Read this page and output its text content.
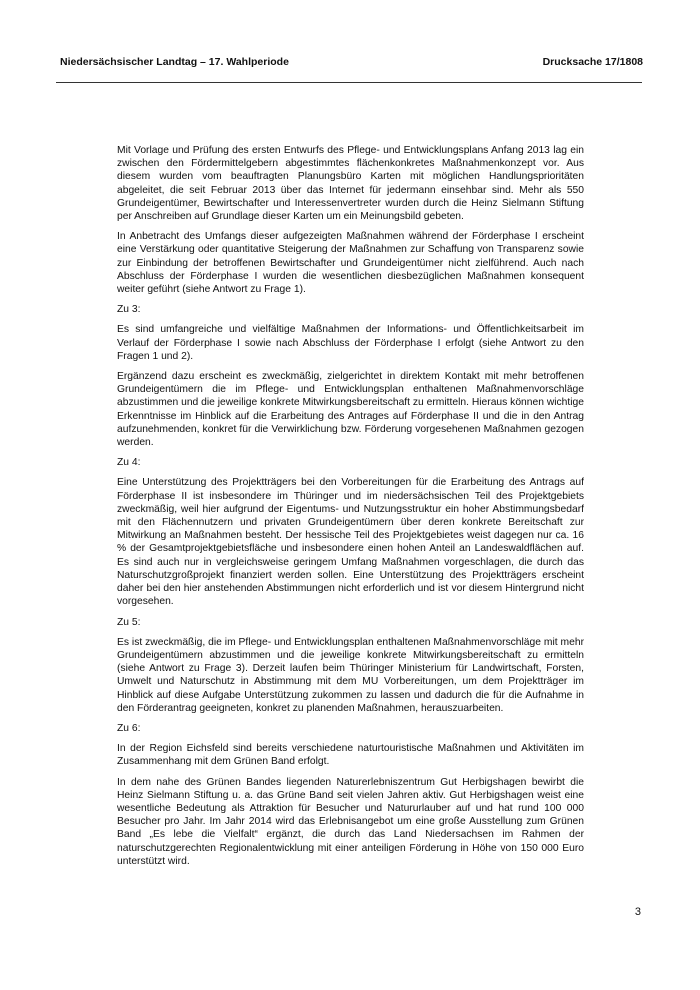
Niedersächsischer Landtag – 17. Wahlperiode	Drucksache 17/1808

Mit Vorlage und Prüfung des ersten Entwurfs des Pflege- und Entwicklungsplans Anfang 2013 lag ein zwischen den Fördermittelgebern abgestimmtes flächenkonkretes Maßnahmenkonzept vor. Aus diesem wurden vom beauftragten Planungsbüro Karten mit möglichen Handlungsprioritäten abgeleitet, die seit Februar 2013 über das Internet für jedermann einsehbar sind. Mehr als 550 Grundeigentümer, Bewirtschafter und Interessenvertreter wurden durch die Heinz Sielmann Stiftung per Anschreiben auf Grundlage dieser Karten um ein Meinungsbild gebeten.

In Anbetracht des Umfangs dieser aufgezeigten Maßnahmen während der Förderphase I erscheint eine Verstärkung oder quantitative Steigerung der Maßnahmen zur Schaffung von Transparenz sowie zur Einbindung der betroffenen Bewirtschafter und Grundeigentümer nicht zielführend. Auch nach Abschluss der Förderphase I wurden die wesentlichen diesbezüglichen Maßnahmen konsequent weiter geführt (siehe Antwort zu Frage 1).

Zu 3:

Es sind umfangreiche und vielfältige Maßnahmen der Informations- und Öffentlichkeitsarbeit im Verlauf der Förderphase I sowie nach Abschluss der Förderphase I erfolgt (siehe Antwort zu den Fragen 1 und 2).

Ergänzend dazu erscheint es zweckmäßig, zielgerichtet in direktem Kontakt mit mehr betroffenen Grundeigentümern die im Pflege- und Entwicklungsplan enthaltenen Maßnahmenvorschläge abzustimmen und die jeweilige konkrete Mitwirkungsbereitschaft zu ermitteln. Hieraus können wichtige Erkenntnisse im Hinblick auf die Erarbeitung des Antrages auf Förderphase II und die in den Antrag aufzunehmenden, konkret für die Verwirklichung bzw. Förderung vorgesehenen Maßnahmen gezogen werden.

Zu 4:

Eine Unterstützung des Projektträgers bei den Vorbereitungen für die Erarbeitung des Antrags auf Förderphase II ist insbesondere im Thüringer und im niedersächsischen Teil des Projektgebiets zweckmäßig, weil hier aufgrund der Eigentums- und Nutzungsstruktur ein hoher Abstimmungsbedarf mit den Flächennutzern und privaten Grundeigentümern über deren konkrete Bereitschaft zur Mitwirkung an Maßnahmen besteht. Der hessische Teil des Projektgebietes weist dagegen nur ca. 16 % der Gesamtprojektgebietsfläche und insbesondere einen hohen Anteil an Landeswaldflächen auf. Es sind auch nur in vergleichsweise geringem Umfang Maßnahmen vorgeschlagen, die durch das Naturschutzgroßprojekt finanziert werden sollen. Eine Unterstützung des Projektträgers erscheint daher bei den hier anstehenden Abstimmungen nicht erforderlich und ist vor diesem Hintergrund nicht vorgesehen.

Zu 5:

Es ist zweckmäßig, die im Pflege- und Entwicklungsplan enthaltenen Maßnahmenvorschläge mit mehr Grundeigentümern abzustimmen und die jeweilige konkrete Mitwirkungsbereitschaft zu ermitteln (siehe Antwort zu Frage 3). Derzeit laufen beim Thüringer Ministerium für Landwirtschaft, Forsten, Umwelt und Naturschutz in Abstimmung mit dem MU Vorbereitungen, um dem Projektträger im Hinblick auf diese Aufgabe Unterstützung zukommen zu lassen und dadurch die für die Aufnahme in den Förderantrag geeigneten, konkret zu planenden Maßnahmen, herauszuarbeiten.

Zu 6:

In der Region Eichsfeld sind bereits verschiedene naturtouristische Maßnahmen und Aktivitäten im Zusammenhang mit dem Grünen Band erfolgt.

In dem nahe des Grünen Bandes liegenden Naturerlebniszentrum Gut Herbigshagen bewirbt die Heinz Sielmann Stiftung u. a. das Grüne Band seit vielen Jahren aktiv. Gut Herbigshagen weist eine wesentliche Bedeutung als Attraktion für Besucher und Natururlauber auf und hat rund 100 000 Besucher pro Jahr. Im Jahr 2014 wird das Erlebnisangebot um eine große Ausstellung zum Grünen Band „Es lebe die Vielfalt“ ergänzt, die durch das Land Niedersachsen im Rahmen der naturschutzgerechten Regionalentwicklung mit einer anteiligen Förderung in Höhe von 150 000 Euro unterstützt wird.

3
